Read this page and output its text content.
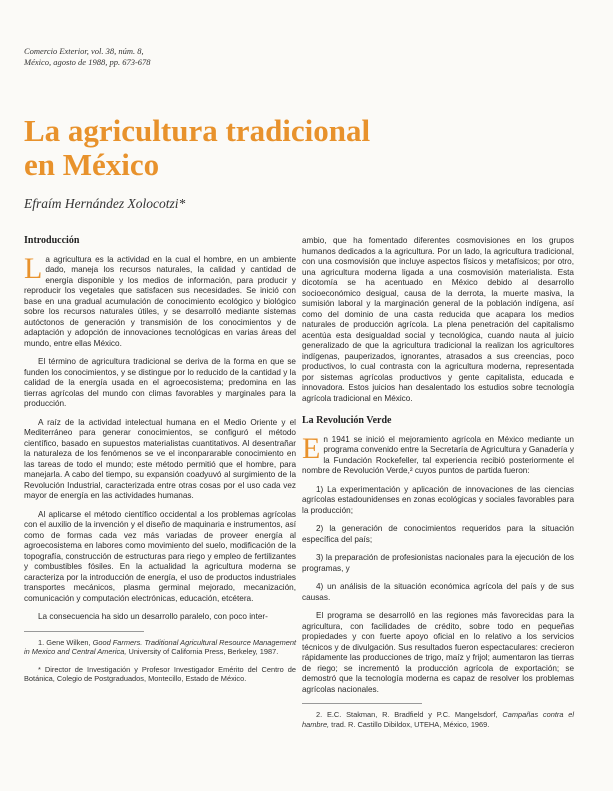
Comercio Exterior, vol. 38, núm. 8,
México, agosto de 1988, pp. 673-678
La agricultura tradicional
en México
Efraím Hernández Xolocotzi*
Introducción
La agricultura es la actividad en la cual el hombre, en un ambiente dado, maneja los recursos naturales, la calidad y cantidad de energía disponible y los medios de información, para producir y reproducir los vegetales que satisfacen sus necesidades. Se inició con base en una gradual acumulación de conocimiento ecológico y biológico sobre los recursos naturales útiles, y se desarrolló mediante sistemas autóctonos de generación y transmisión de los conocimientos y de adaptación y adopción de innovaciones tecnológicas en varias áreas del mundo, entre ellas México.
El término de agricultura tradicional se deriva de la forma en que se funden los conocimientos, y se distingue por lo reducido de la cantidad y la calidad de la energía usada en el agroecosistema; predomina en las tierras agrícolas del mundo con climas favorables y marginales para la producción.
A raíz de la actividad intelectual humana en el Medio Oriente y el Mediterráneo para generar conocimientos, se configuró el método científico, basado en supuestos materialistas cuantitativos. Al desentrañar la naturaleza de los fenómenos se ve el inconpararable conocimiento en las tareas de todo el mundo; este método permitió que el hombre, para manejarla. A cabo del tiempo, su expansión coadyuvó al surgimiento de la Revolución Industrial, caracterizada entre otras cosas por el uso cada vez mayor de energía en las actividades humanas.
Al aplicarse el método científico occidental a los problemas agrícolas con el auxilio de la invención y el diseño de maquinaria e instrumentos, así como de formas cada vez más variadas de proveer energía al agroecosistema en labores como movimiento del suelo, modificación de la topografía, construcción de estructuras para riego y empleo de fertilizantes y combustibles fósiles. En la actualidad la agricultura moderna se caracteriza por la introducción de energía, el uso de productos industriales transportes mecánicos, plasma germinal mejorado, mecanización, comunicación y computación electrónicas, educación, etcétera.
La consecuencia ha sido un desarrollo paralelo, con poco inter-
1. Gene Wilken, Good Farmers. Traditional Agricultural Resource Management in Mexico and Central America, University of California Press, Berkeley, 1987.
* Director de Investigación y Profesor Investigador Emérito del Centro de Botánica, Colegio de Postgraduados, Montecillo, Estado de México.
ambio, que ha fomentado diferentes cosmovisiones en los grupos humanos dedicados a la agricultura. Por un lado, la agricultura tradicional, con una cosmovisión que incluye aspectos físicos y metafísicos; por otro, una agricultura moderna ligada a una cosmovisión materialista. Esta dicotomía se ha acentuado en México debido al desarrollo socioeconómico desigual, causa de la derrota, la muerte masiva, la sumisión laboral y la marginación general de la población indígena, así como del dominio de una casta reducida que acapara los medios naturales de producción agrícola. La plena penetración del capitalismo acentúa esta desigualdad social y tecnológica, cuando nauta al juicio generalizado de que la agricultura tradicional la realizan los agricultores indígenas, pauperizados, ignorantes, atrasados a sus creencias, poco productivos, lo cual contrasta con la agricultura moderna, representada por sistemas agrícolas productivos y gente capitalista, educada e innovadora. Estos juicios han desalentado los estudios sobre tecnología agrícola tradicional en México.
La Revolución Verde
En 1941 se inició el mejoramiento agrícola en México mediante un programa convenido entre la Secretaría de Agricultura y Ganadería y la Fundación Rockefeller, tal experiencia recibió posteriormente el nombre de Revolución Verde,² cuyos puntos de partida fueron:
1) La experimentación y aplicación de innovaciones de las ciencias agrícolas estadounidenses en zonas ecológicas y sociales favorables para la producción;
2) la generación de conocimientos requeridos para la situación específica del país;
3) la preparación de profesionistas nacionales para la ejecución de los programas, y
4) un análisis de la situación económica agrícola del país y de sus causas.
El programa se desarrolló en las regiones más favorecidas para la agricultura, con facilidades de crédito, sobre todo en pequeñas propiedades y con fuerte apoyo oficial en lo relativo a los servicios técnicos y de divulgación. Sus resultados fueron espectaculares: crecieron rápidamente las producciones de trigo, maíz y frijol; aumentaron las tierras de riego; se incrementó la producción agrícola de exportación; se demostró que la tecnología moderna es capaz de resolver los problemas agrícolas nacionales.
2. E.C. Stakman, R. Bradfield y P.C. Mangelsdorf, Campañas contra el hambre, trad. R. Castillo Dibildox, UTEHA, México, 1969.
